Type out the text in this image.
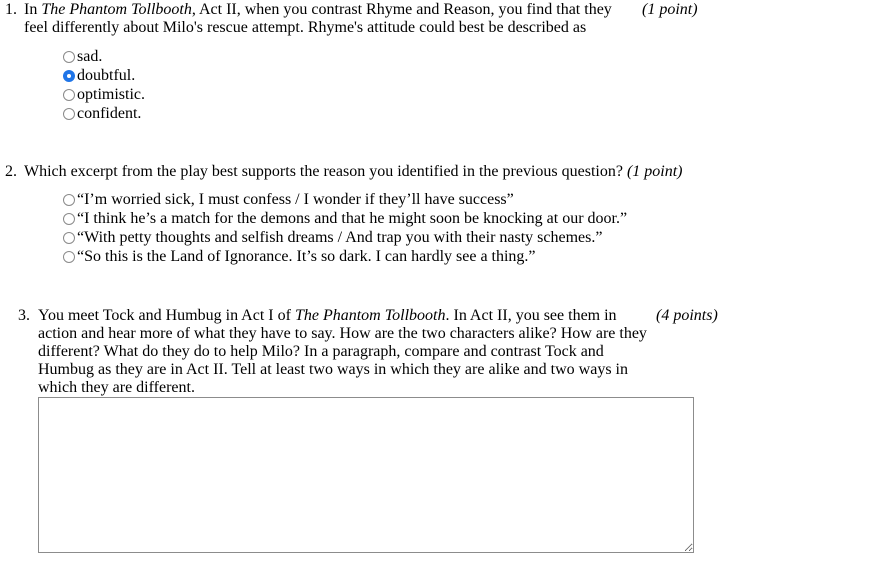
1. In The Phantom Tollbooth, Act II, when you contrast Rhyme and Reason, you find that they feel differently about Milo's rescue attempt. Rhyme's attitude could best be described as
(1 point)
sad.
doubtful.
optimistic.
confident.
2. Which excerpt from the play best supports the reason you identified in the previous question? (1 point)
“I’m worried sick, I must confess / I wonder if they’ll have success”
“I think he’s a match for the demons and that he might soon be knocking at our door.”
“With petty thoughts and selfish dreams / And trap you with their nasty schemes.”
“So this is the Land of Ignorance. It’s so dark. I can hardly see a thing.”
3. You meet Tock and Humbug in Act I of The Phantom Tollbooth. In Act II, you see them in action and hear more of what they have to say. How are the two characters alike? How are they different? What do they do to help Milo? In a paragraph, compare and contrast Tock and Humbug as they are in Act II. Tell at least two ways in which they are alike and two ways in which they are different.
(4 points)
